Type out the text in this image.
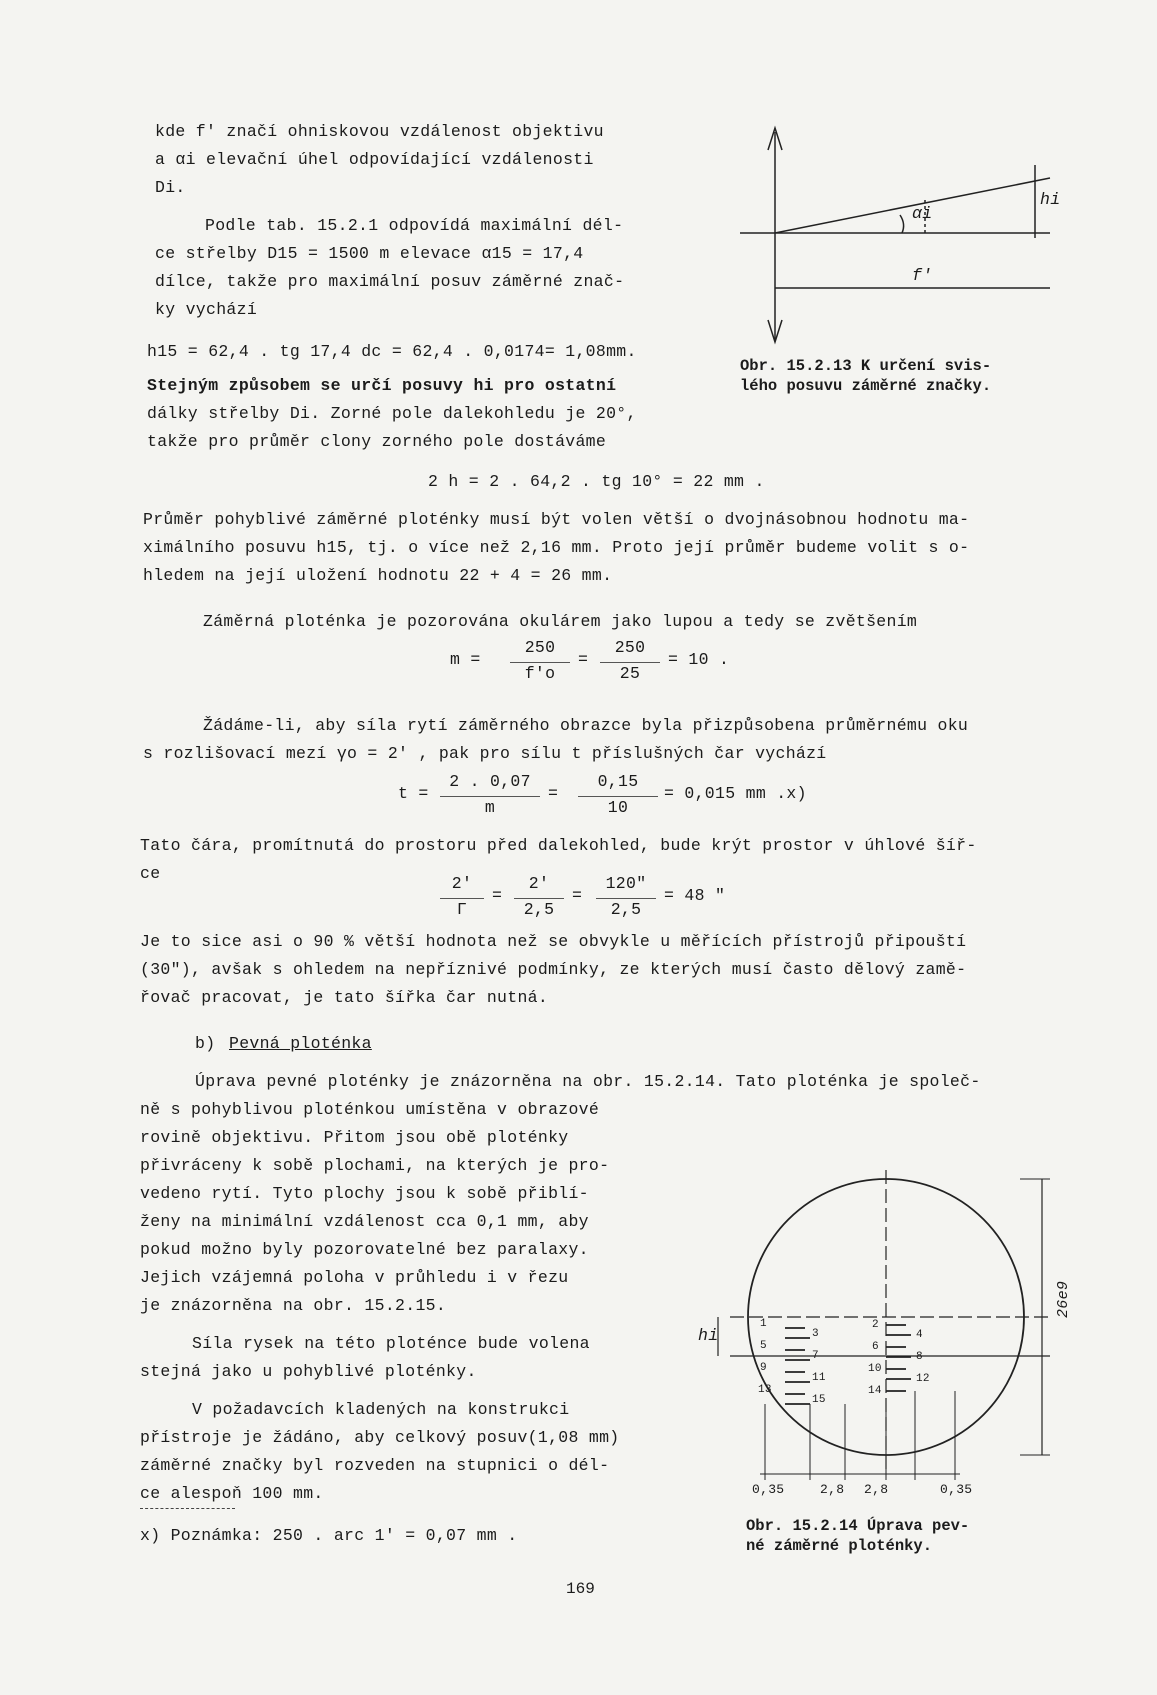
kde f' značí ohniskovou vzdálenost objektivu
a αi elevační úhel odpovídající vzdálenosti
Di.
Podle tab. 15.2.1 odpovídá maximální dél-
ce střelby D15 = 1500 m elevace α15 = 17,4
dílce, takže pro maximální posuv záměrné znač-
ky vychází
h15 = 62,4 . tg 17,4 dc = 62,4 . 0,0174= 1,08mm.
Stejným způsobem se určí posuvy hi pro ostatní
dálky střelby Di. Zorné pole dalekohledu je 20°,
takže pro průměr clony zorného pole dostáváme
2 h = 2 . 64,2 . tg 10° = 22 mm .
Průměr pohyblivé záměrné ploténky musí být volen větší o dvojnásobnou hodnotu ma-
ximálního posuvu h15, tj. o více než 2,16 mm. Proto její průměr budeme volit s o-
hledem na její uložení hodnotu 22 + 4 = 26 mm.
Záměrná ploténka je pozorována okulárem jako lupou a tedy se zvětšením
m =
250
f'o
=
250
25
= 10 .
Žádáme-li, aby síla rytí záměrného obrazce byla přizpůsobena průměrnému oku
s rozlišovací mezí γo = 2' , pak pro sílu t příslušných čar vychází
t =
2 . 0,07
m
=
0,15
10
= 0,015 mm .x)
Tato čára, promítnutá do prostoru před dalekohled, bude krýt prostor v úhlové šíř-
ce
2'
Γ
=
2'
2,5
=
120"
2,5
= 48 "
Je to sice asi o 90 % větší hodnota než se obvykle u měřících přístrojů připouští
(30"), avšak s ohledem na nepříznivé podmínky, ze kterých musí často dělový zamě-
řovač pracovat, je tato šířka čar nutná.
b) Pevná ploténka
Úprava pevné ploténky je znázorněna na obr. 15.2.14. Tato ploténka je společ-
ně s pohyblivou ploténkou umístěna v obrazové
rovině objektivu. Přitom jsou obě ploténky
přivráceny k sobě plochami, na kterých je pro-
vedeno rytí. Tyto plochy jsou k sobě přiblí-
ženy na minimální vzdálenost cca 0,1 mm, aby
pokud možno byly pozorovatelné bez paralaxy.
Jejich vzájemná poloha v průhledu i v řezu
je znázorněna na obr. 15.2.15.
Síla rysek na této ploténce bude volena
stejná jako u pohyblivé ploténky.
V požadavcích kladených na konstrukci
přístroje je žádáno, aby celkový posuv(1,08 mm)
záměrné značky byl rozveden na stupnici o dél-
ce alespoň 100 mm.
x) Poznámka: 250 . arc 1' = 0,07 mm .
169
αi
hi
f'
Obr. 15.2.13 K určení svis-
lého posuvu záměrné značky.
26e9
hi
1
3
5
7
9
11
13
15
2
4
6
8
10
12
14
0,35	2,8 2,8	0,35
Obr. 15.2.14 Úprava pev-
né záměrné ploténky.
